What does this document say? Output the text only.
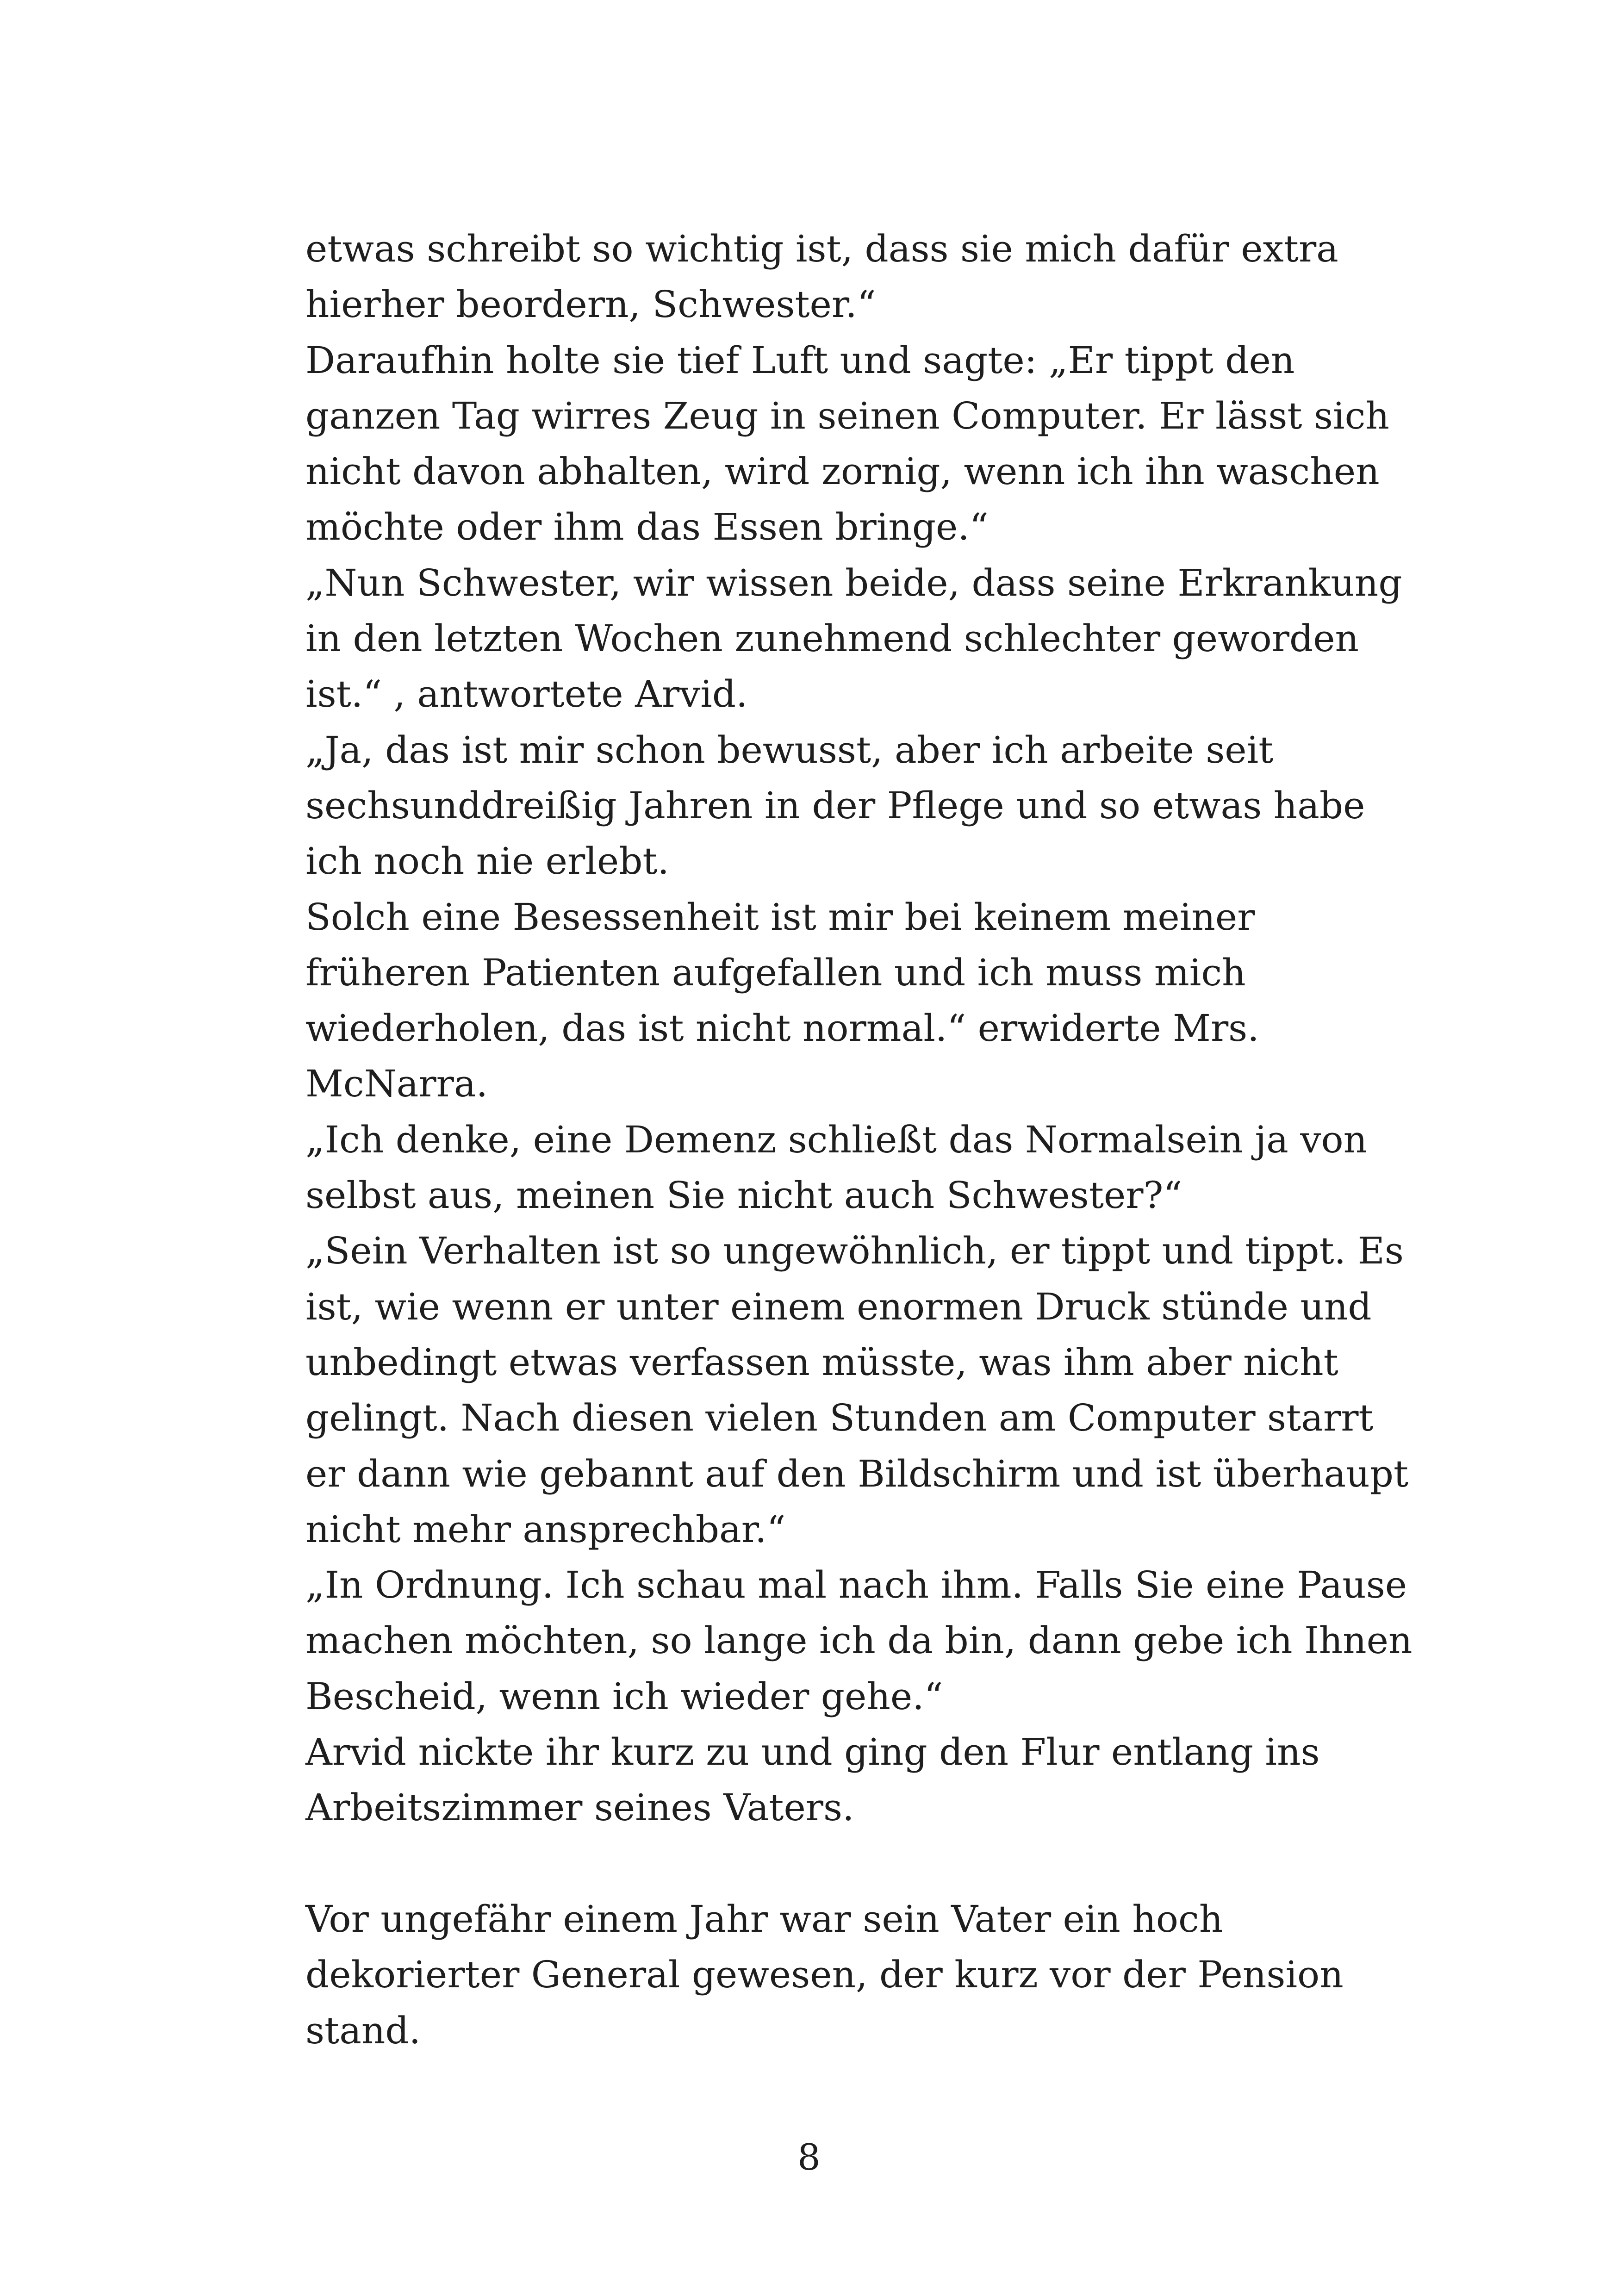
etwas schreibt so wichtig ist, dass sie mich dafür extra
hierher beordern, Schwester.“
Daraufhin holte sie tief Luft und sagte: „Er tippt den
ganzen Tag wirres Zeug in seinen Computer. Er lässt sich
nicht davon abhalten, wird zornig, wenn ich ihn waschen
möchte oder ihm das Essen bringe.“
„Nun Schwester, wir wissen beide, dass seine Erkrankung
in den letzten Wochen zunehmend schlechter geworden
ist.“ , antwortete Arvid.
„Ja, das ist mir schon bewusst, aber ich arbeite seit
sechsunddreißig Jahren in der Pflege und so etwas habe
ich noch nie erlebt.
Solch eine Besessenheit ist mir bei keinem meiner
früheren Patienten aufgefallen und ich muss mich
wiederholen, das ist nicht normal.“ erwiderte Mrs.
McNarra.
„Ich denke, eine Demenz schließt das Normalsein ja von
selbst aus, meinen Sie nicht auch Schwester?“
„Sein Verhalten ist so ungewöhnlich, er tippt und tippt. Es
ist, wie wenn er unter einem enormen Druck stünde und
unbedingt etwas verfassen müsste, was ihm aber nicht
gelingt. Nach diesen vielen Stunden am Computer starrt
er dann wie gebannt auf den Bildschirm und ist überhaupt
nicht mehr ansprechbar.“
„In Ordnung. Ich schau mal nach ihm. Falls Sie eine Pause
machen möchten, so lange ich da bin, dann gebe ich Ihnen
Bescheid, wenn ich wieder gehe.“
Arvid nickte ihr kurz zu und ging den Flur entlang ins
Arbeitszimmer seines Vaters.
Vor ungefähr einem Jahr war sein Vater ein hoch
dekorierter General gewesen, der kurz vor der Pension
stand.
8
